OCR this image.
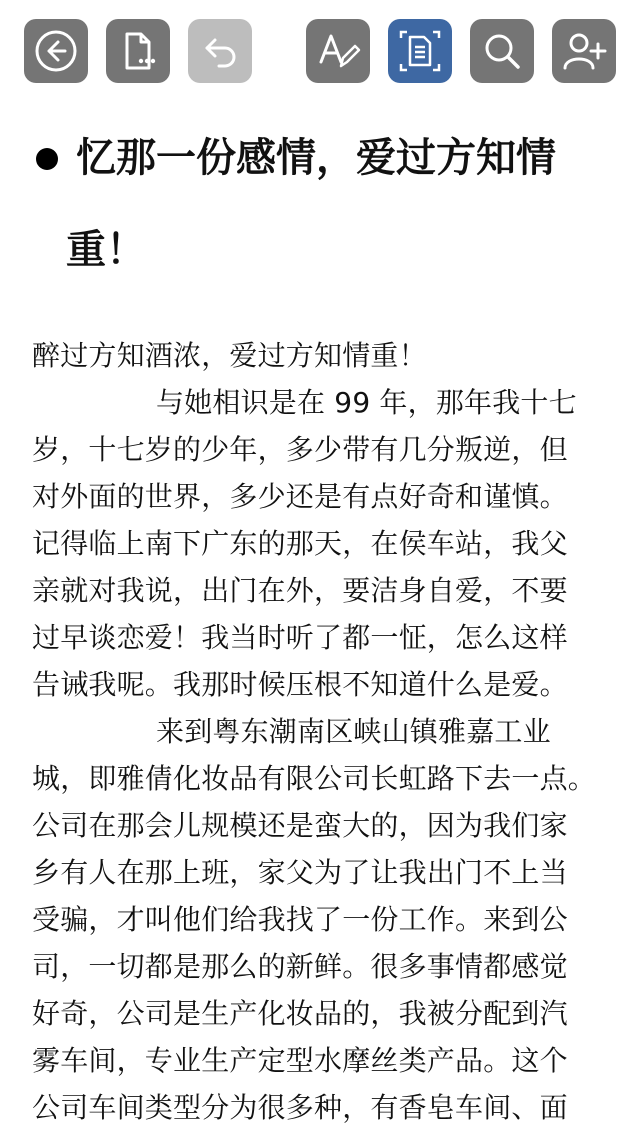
忆那一份感情，爱过方知情
重！
醉过方知酒浓，爱过方知情重！
与她相识是在 99 年，那年我十七
岁，十七岁的少年，多少带有几分叛逆，但
对外面的世界，多少还是有点好奇和谨慎。
记得临上南下广东的那天，在侯车站，我父
亲就对我说，出门在外，要洁身自爱，不要
过早谈恋爱！我当时听了都一怔，怎么这样
告诫我呢。我那时候压根不知道什么是爱。
来到粤东潮南区峡山镇雅嘉工业
城，即雅倩化妆品有限公司长虹路下去一点。
公司在那会儿规模还是蛮大的，因为我们家
乡有人在那上班，家父为了让我出门不上当
受骗，才叫他们给我找了一份工作。来到公
司，一切都是那么的新鲜。很多事情都感觉
好奇，公司是生产化妆品的，我被分配到汽
雾车间，专业生产定型水摩丝类产品。这个
公司车间类型分为很多种，有香皂车间、面
